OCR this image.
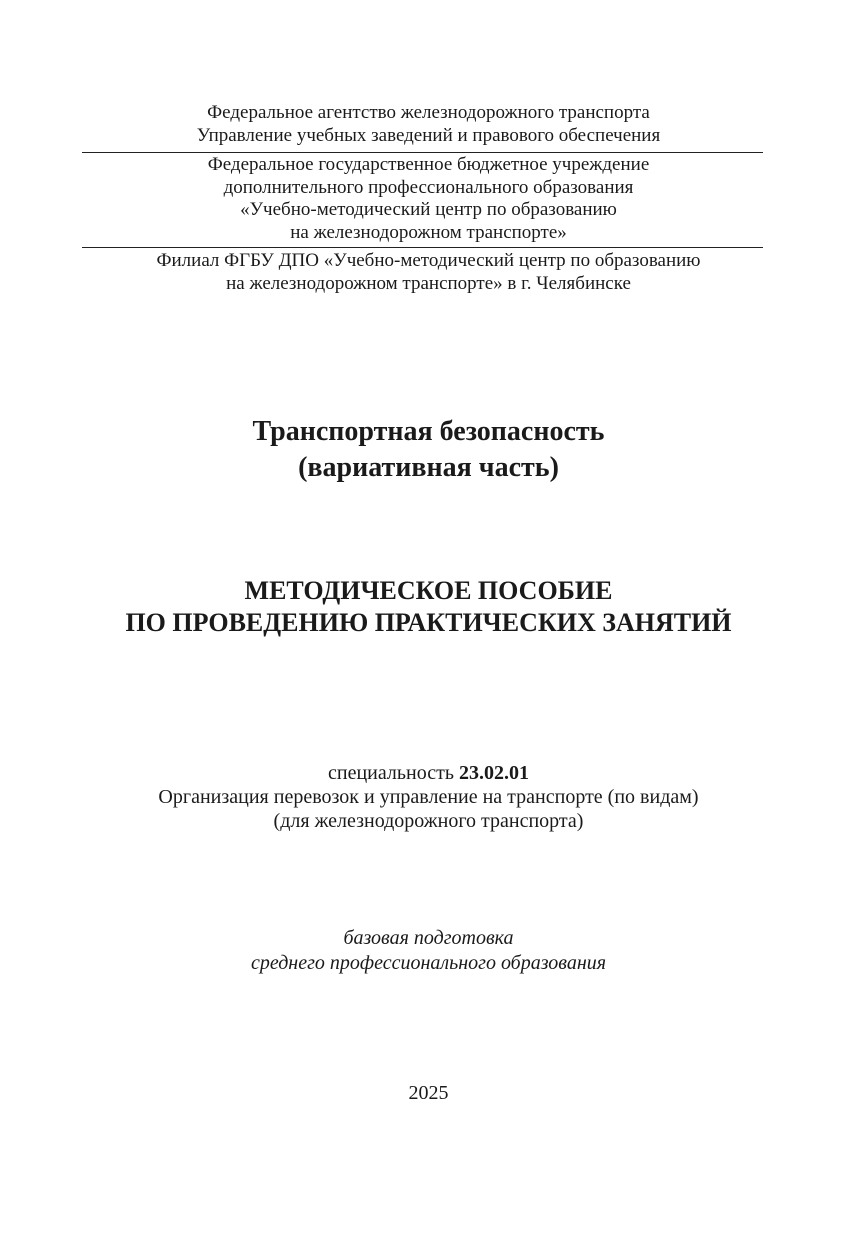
Федеральное агентство железнодорожного транспорта
Управление учебных заведений и правового обеспечения
Федеральное государственное бюджетное учреждение
дополнительного профессионального образования
«Учебно-методический центр по образованию
на железнодорожном транспорте»
Филиал ФГБУ ДПО «Учебно-методический центр по образованию
на железнодорожном транспорте» в г. Челябинске
Транспортная безопасность
(вариативная часть)
МЕТОДИЧЕСКОЕ ПОСОБИЕ
ПО ПРОВЕДЕНИЮ ПРАКТИЧЕСКИХ ЗАНЯТИЙ
специальность 23.02.01
Организация перевозок и управление на транспорте (по видам)
(для железнодорожного транспорта)
базовая подготовка
среднего профессионального образования
2025
